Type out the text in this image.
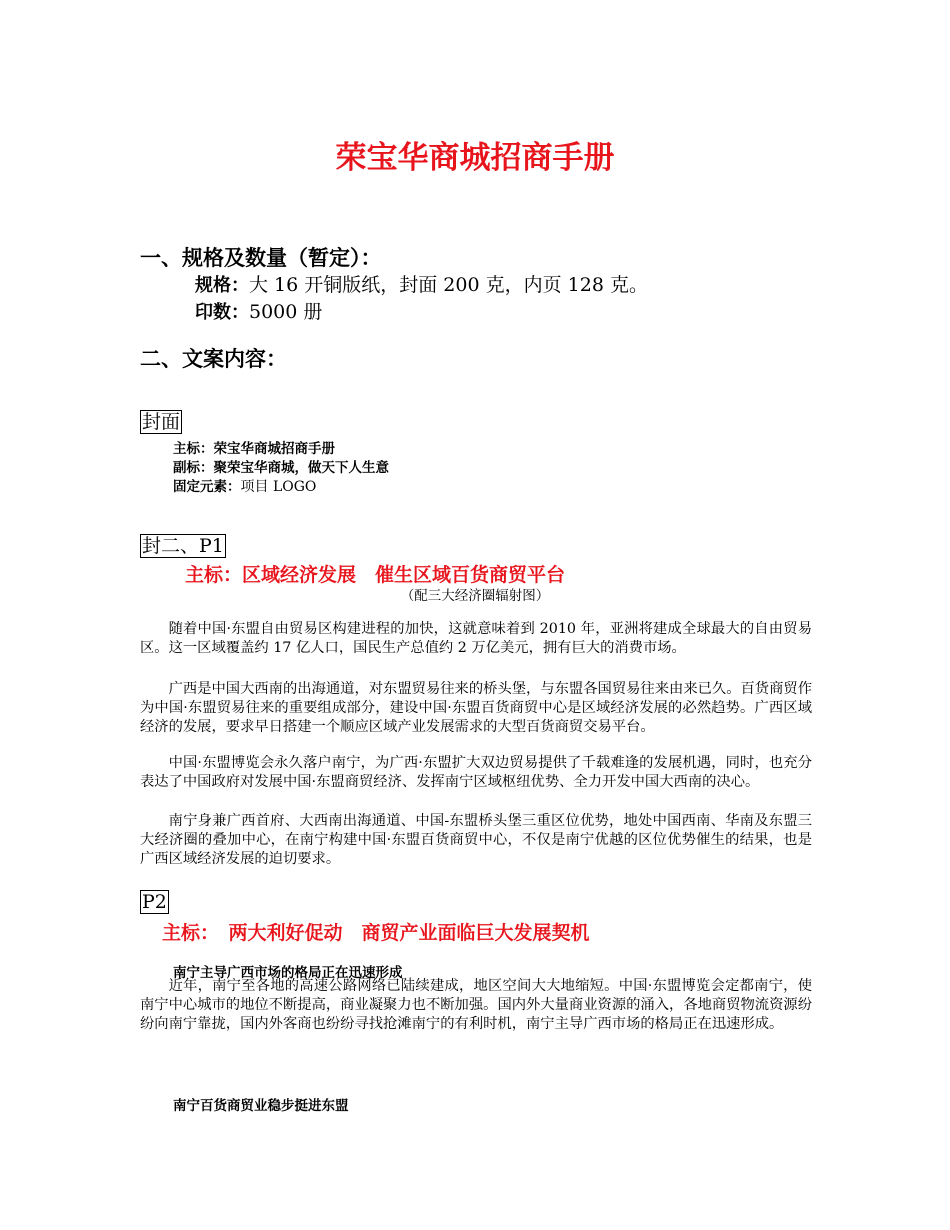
荣宝华商城招商手册
一、规格及数量（暂定）：
规格：大 16 开铜版纸，封面 200 克，内页 128 克。
印数：5000 册
二、文案内容：
封面
主标：荣宝华商城招商手册
副标：聚荣宝华商城，做天下人生意
固定元素：项目 LOGO
封二、P1
主标：区域经济发展　催生区域百货商贸平台
（配三大经济圈辐射图）
随着中国·东盟自由贸易区构建进程的加快，这就意味着到 2010 年，亚洲将建成全球最大的自由贸易区。这一区域覆盖约 17 亿人口，国民生产总值约 2 万亿美元，拥有巨大的消费市场。
广西是中国大西南的出海通道，对东盟贸易往来的桥头堡，与东盟各国贸易往来由来已久。百货商贸作为中国·东盟贸易往来的重要组成部分，建设中国·东盟百货商贸中心是区域经济发展的必然趋势。广西区域经济的发展，要求早日搭建一个顺应区域产业发展需求的大型百货商贸交易平台。
中国·东盟博览会永久落户南宁，为广西·东盟扩大双边贸易提供了千载难逢的发展机遇，同时，也充分表达了中国政府对发展中国·东盟商贸经济、发挥南宁区域枢纽优势、全力开发中国大西南的决心。
南宁身兼广西首府、大西南出海通道、中国-东盟桥头堡三重区位优势，地处中国西南、华南及东盟三大经济圈的叠加中心，在南宁构建中国·东盟百货商贸中心，不仅是南宁优越的区位优势催生的结果，也是广西区域经济发展的迫切要求。
P2
主标：　两大利好促动　商贸产业面临巨大发展契机
南宁主导广西市场的格局正在迅速形成
近年，南宁至各地的高速公路网络已陆续建成，地区空间大大地缩短。中国·东盟博览会定都南宁，使南宁中心城市的地位不断提高，商业凝聚力也不断加强。国内外大量商业资源的涌入，各地商贸物流资源纷纷向南宁靠拢，国内外客商也纷纷寻找抢滩南宁的有利时机，南宁主导广西市场的格局正在迅速形成。
南宁百货商贸业稳步挺进东盟
